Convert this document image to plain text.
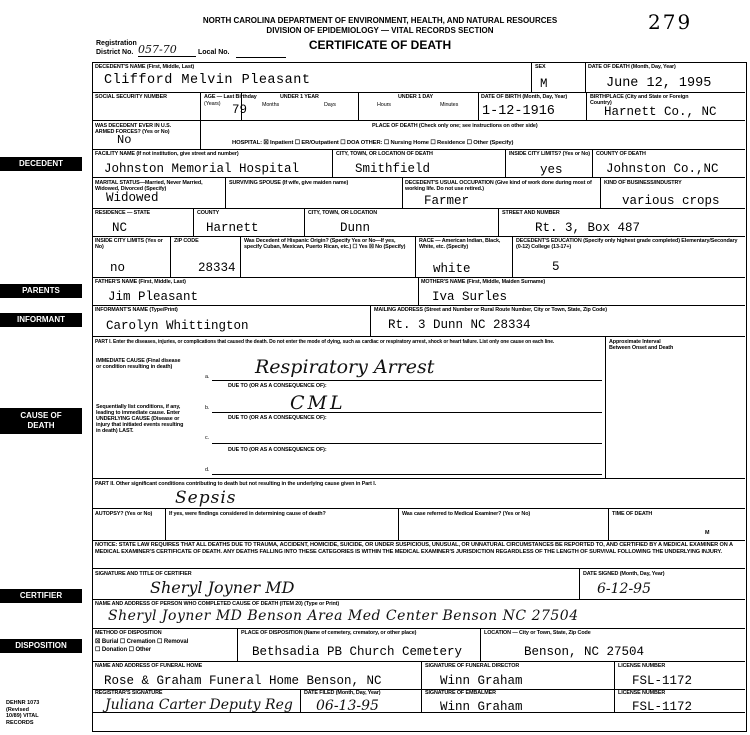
NORTH CAROLINA DEPARTMENT OF ENVIRONMENT, HEALTH, AND NATURAL RESOURCES
DIVISION OF EPIDEMIOLOGY — VITAL RECORDS SECTION
CERTIFICATE OF DEATH
279
Registration
District No. 057-70	Local No.
DECEDENT
PARENTS
INFORMANT
CAUSE OF
DEATH
CERTIFIER
DISPOSITION
DEHNR 1073 (Revised 10/89) VITAL RECORDS
DECEDENT'S NAME (First, Middle, Last)
Clifford Melvin Pleasant
SEX
M
DATE OF DEATH (Month, Day, Year)
June 12, 1995
SOCIAL SECURITY NUMBER	AGE — Last Birthday
(Years) 79
UNDER 1 YEAR
Months	Days
UNDER 1 DAY
Hours	Minutes
DATE OF BIRTH (Month, Day, Year)
1-12-1916
BIRTHPLACE (City and State or Foreign Country)
Harnett Co., NC
WAS DECEDENT EVER IN U.S.
ARMED FORCES? (Yes or No)
No
PLACE OF DEATH (Check only one; see instructions on other side)
HOSPITAL: ☒ Inpatient ☐ ER/Outpatient ☐ DOA OTHER: ☐ Nursing Home ☐ Residence ☐ Other (Specify)
FACILITY NAME (If not institution, give street and number)
Johnston Memorial Hospital
CITY, TOWN, OR LOCATION OF DEATH
Smithfield
INSIDE CITY LIMITS? (Yes or No)
yes
COUNTY OF DEATH
Johnston Co.,NC
MARITAL STATUS—Married, Never Married, Widowed, Divorced (Specify)
Widowed
SURVIVING SPOUSE (If wife, give maiden name)	DECEDENT'S USUAL OCCUPATION (Give kind of work done during most of working life. Do not use retired.)
Farmer
KIND OF BUSINESS/INDUSTRY
various crops
RESIDENCE — STATE
NC
COUNTY
Harnett
CITY, TOWN, OR LOCATION
Dunn
STREET AND NUMBER
Rt. 3, Box 487
INSIDE CITY LIMITS (Yes or No)
no
ZIP CODE
28334
Was Decedent of Hispanic Origin? (Specify Yes or No—If yes, specify Cuban, Mexican, Puerto Rican, etc.) ☐ Yes ☒ No (Specify)
RACE — American Indian, Black, White, etc. (Specify)
white
DECEDENT'S EDUCATION (Specify only highest grade completed) Elementary/Secondary (0-12) College (13-17+)
5
FATHER'S NAME (First, Middle, Last)
Jim Pleasant
MOTHER'S NAME (First, Middle, Maiden Surname)
Iva Surles
INFORMANT'S NAME (Type/Print)
Carolyn Whittington
MAILING ADDRESS (Street and Number or Rural Route Number, City or Town, State, Zip Code)
Rt. 3 Dunn NC 28334
PART I. Enter the diseases, injuries, or complications that caused the death. Do not enter the mode of dying, such as cardiac or respiratory arrest, shock or heart failure. List only one cause on each line.	Approximate Interval Between Onset and Death
IMMEDIATE CAUSE (Final disease or condition resulting in death)
a. Respiratory Arrest
DUE TO (OR AS A CONSEQUENCE OF):
Sequentially list conditions, if any, leading to immediate cause. Enter UNDERLYING CAUSE (Disease or injury that initiated events resulting in death) LAST.
b.	CML
DUE TO (OR AS A CONSEQUENCE OF):
c.
DUE TO (OR AS A CONSEQUENCE OF):
d.
PART II. Other significant conditions contributing to death but not resulting in the underlying cause given in Part I.
Sepsis
AUTOPSY? (Yes or No)	If yes, were findings considered in determining cause of death?	Was case referred to Medical Examiner? (Yes or No)	TIME OF DEATH
M
NOTICE: STATE LAW REQUIRES THAT ALL DEATHS DUE TO TRAUMA, ACCIDENT, HOMICIDE, SUICIDE, OR UNDER SUSPICIOUS, UNUSUAL, OR UNNATURAL CIRCUMSTANCES BE REPORTED TO, AND CERTIFIED BY A MEDICAL EXAMINER ON A MEDICAL EXAMINER'S CERTIFICATE OF DEATH. ANY DEATHS FALLING INTO THESE CATEGORIES IS WITHIN THE MEDICAL EXAMINER'S JURISDICTION REGARDLESS OF THE LENGTH OF SURVIVAL FOLLOWING THE UNDERLYING INJURY.
SIGNATURE AND TITLE OF CERTIFIER
Sheryl Joyner MD
DATE SIGNED (Month, Day, Year)
6-12-95
NAME AND ADDRESS OF PERSON WHO COMPLETED CAUSE OF DEATH (ITEM 20) (Type or Print)
Sheryl Joyner MD Benson Area Med Center Benson NC 27504
METHOD OF DISPOSITION
☒ Burial ☐ Cremation ☐ Removal
☐ Donation ☐ Other
PLACE OF DISPOSITION (Name of cemetery, crematory, or other place)
Bethsadia PB Church Cemetery
LOCATION — City or Town, State, Zip Code
Benson, NC 27504
NAME AND ADDRESS OF FUNERAL HOME
Rose & Graham Funeral Home Benson, NC
SIGNATURE OF FUNERAL DIRECTOR
Winn Graham
LICENSE NUMBER
FSL-1172
REGISTRAR'S SIGNATURE
Juliana Carter Deputy Reg
DATE FILED (Month, Day, Year)
06-13-95
SIGNATURE OF EMBALMER
Winn Graham
LICENSE NUMBER
FSL-1172
